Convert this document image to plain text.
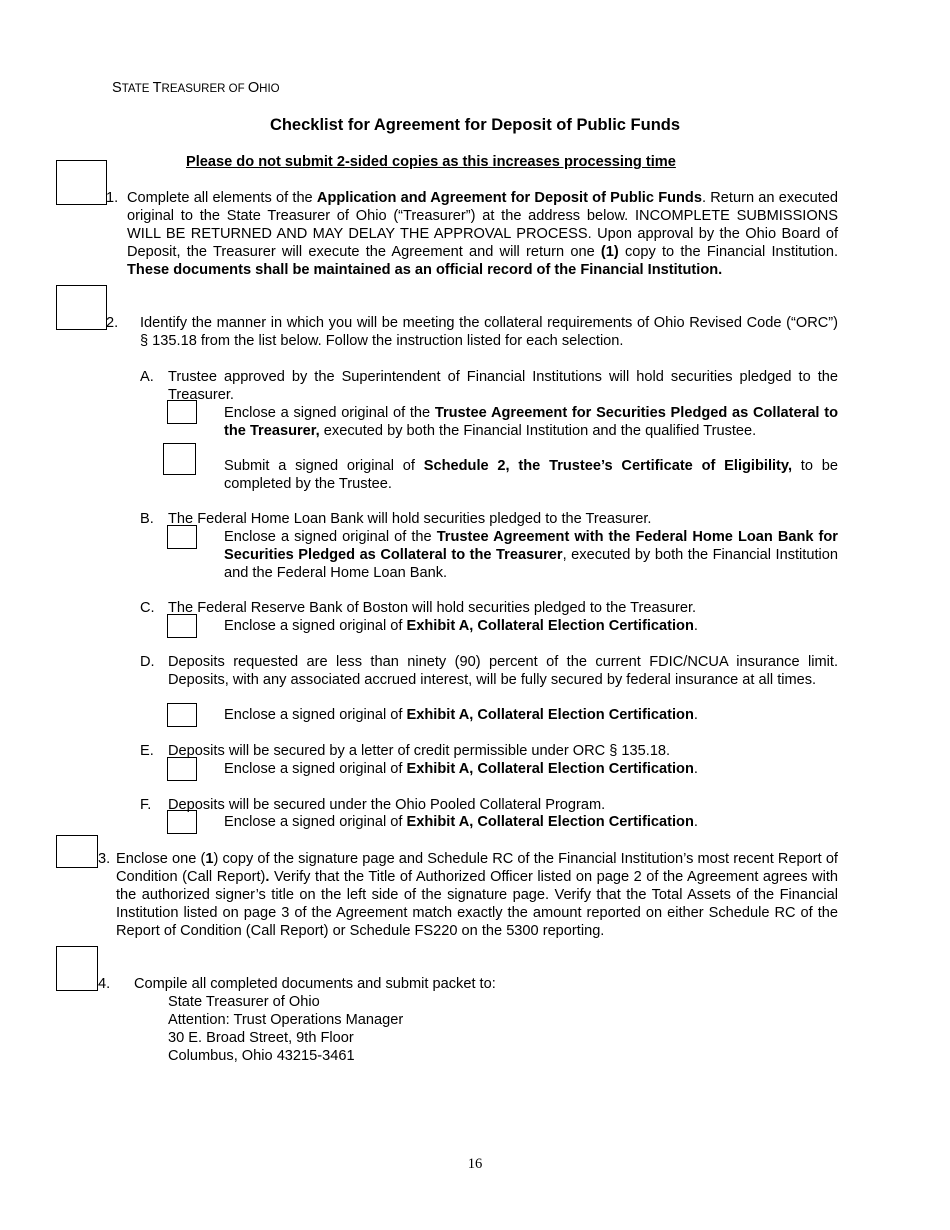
STATE TREASURER OF OHIO
Checklist for Agreement for Deposit of Public Funds
Please do not submit 2-sided copies as this increases processing time
1. Complete all elements of the Application and Agreement for Deposit of Public Funds. Return an executed original to the State Treasurer of Ohio (“Treasurer”) at the address below. INCOMPLETE SUBMISSIONS WILL BE RETURNED AND MAY DELAY THE APPROVAL PROCESS. Upon approval by the Ohio Board of Deposit, the Treasurer will execute the Agreement and will return one (1) copy to the Financial Institution. These documents shall be maintained as an official record of the Financial Institution.
2. Identify the manner in which you will be meeting the collateral requirements of Ohio Revised Code (“ORC”) § 135.18 from the list below. Follow the instruction listed for each selection.
A. Trustee approved by the Superintendent of Financial Institutions will hold securities pledged to the Treasurer.
Enclose a signed original of the Trustee Agreement for Securities Pledged as Collateral to the Treasurer, executed by both the Financial Institution and the qualified Trustee.
Submit a signed original of Schedule 2, the Trustee’s Certificate of Eligibility, to be completed by the Trustee.
B. The Federal Home Loan Bank will hold securities pledged to the Treasurer.
Enclose a signed original of the Trustee Agreement with the Federal Home Loan Bank for Securities Pledged as Collateral to the Treasurer, executed by both the Financial Institution and the Federal Home Loan Bank.
C. The Federal Reserve Bank of Boston will hold securities pledged to the Treasurer.
Enclose a signed original of Exhibit A, Collateral Election Certification.
D. Deposits requested are less than ninety (90) percent of the current FDIC/NCUA insurance limit. Deposits, with any associated accrued interest, will be fully secured by federal insurance at all times.
Enclose a signed original of Exhibit A, Collateral Election Certification.
E. Deposits will be secured by a letter of credit permissible under ORC § 135.18.
Enclose a signed original of Exhibit A, Collateral Election Certification.
F. Deposits will be secured under the Ohio Pooled Collateral Program.
Enclose a signed original of Exhibit A, Collateral Election Certification.
3. Enclose one (1) copy of the signature page and Schedule RC of the Financial Institution’s most recent Report of Condition (Call Report). Verify that the Title of Authorized Officer listed on page 2 of the Agreement agrees with the authorized signer’s title on the left side of the signature page. Verify that the Total Assets of the Financial Institution listed on page 3 of the Agreement match exactly the amount reported on either Schedule RC of the Report of Condition (Call Report) or Schedule FS220 on the 5300 reporting.
4. Compile all completed documents and submit packet to:
State Treasurer of Ohio
Attention: Trust Operations Manager
30 E. Broad Street, 9th Floor
Columbus, Ohio 43215-3461
16
